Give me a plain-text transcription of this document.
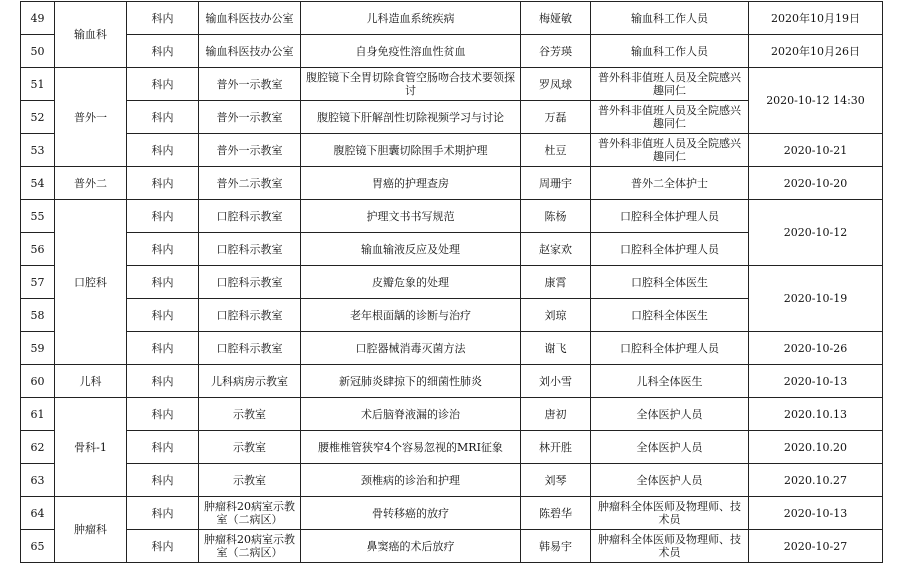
49	输血科	科内	输血科医技办公室	儿科造血系统疾病	梅娅敏	输血科工作人员	2020年10月19日
50		科内	输血科医技办公室	自身免疫性溶血性贫血	谷芳瑛	输血科工作人员	2020年10月26日
51	普外一	科内	普外一示教室	腹腔镜下全胃切除食管空肠吻合技术要领探讨	罗凤球	普外科非值班人员及全院感兴趣同仁	2020-10-12 14:30
52		科内	普外一示教室	腹腔镜下肝解剖性切除视频学习与讨论	万磊	普外科非值班人员及全院感兴趣同仁	
53		科内	普外一示教室	腹腔镜下胆囊切除围手术期护理	杜豆	普外科非值班人员及全院感兴趣同仁	2020-10-21
54	普外二	科内	普外二示教室	胃癌的护理查房	周珊宇	普外二全体护士	2020-10-20
55	口腔科	科内	口腔科示教室	护理文书书写规范	陈杨	口腔科全体护理人员	2020-10-12
56		科内	口腔科示教室	输血输液反应及处理	赵家欢	口腔科全体护理人员	
57		科内	口腔科示教室	皮瓣危象的处理	康霄	口腔科全体医生	2020-10-19
58		科内	口腔科示教室	老年根面龋的诊断与治疗	刘琼	口腔科全体医生	
59		科内	口腔科示教室	口腔器械消毒灭菌方法	谢飞	口腔科全体护理人员	2020-10-26
60	儿科	科内	儿科病房示教室	新冠肺炎肆掠下的细菌性肺炎	刘小雪	儿科全体医生	2020-10-13
61	骨科-1	科内	示教室	术后脑脊液漏的诊治	唐初	全体医护人员	2020.10.13
62		科内	示教室	腰椎椎管狭窄4个容易忽视的MRI征象	林开胜	全体医护人员	2020.10.20
63		科内	示教室	颈椎病的诊治和护理	刘琴	全体医护人员	2020.10.27
64	肿瘤科	科内	肿瘤科20病室示教室（二病区）	骨转移癌的放疗	陈碧华	肿瘤科全体医师及物理师、技术员	2020-10-13
65		科内	肿瘤科20病室示教室（二病区）	鼻窦癌的术后放疗	韩易宇	肿瘤科全体医师及物理师、技术员	2020-10-27
